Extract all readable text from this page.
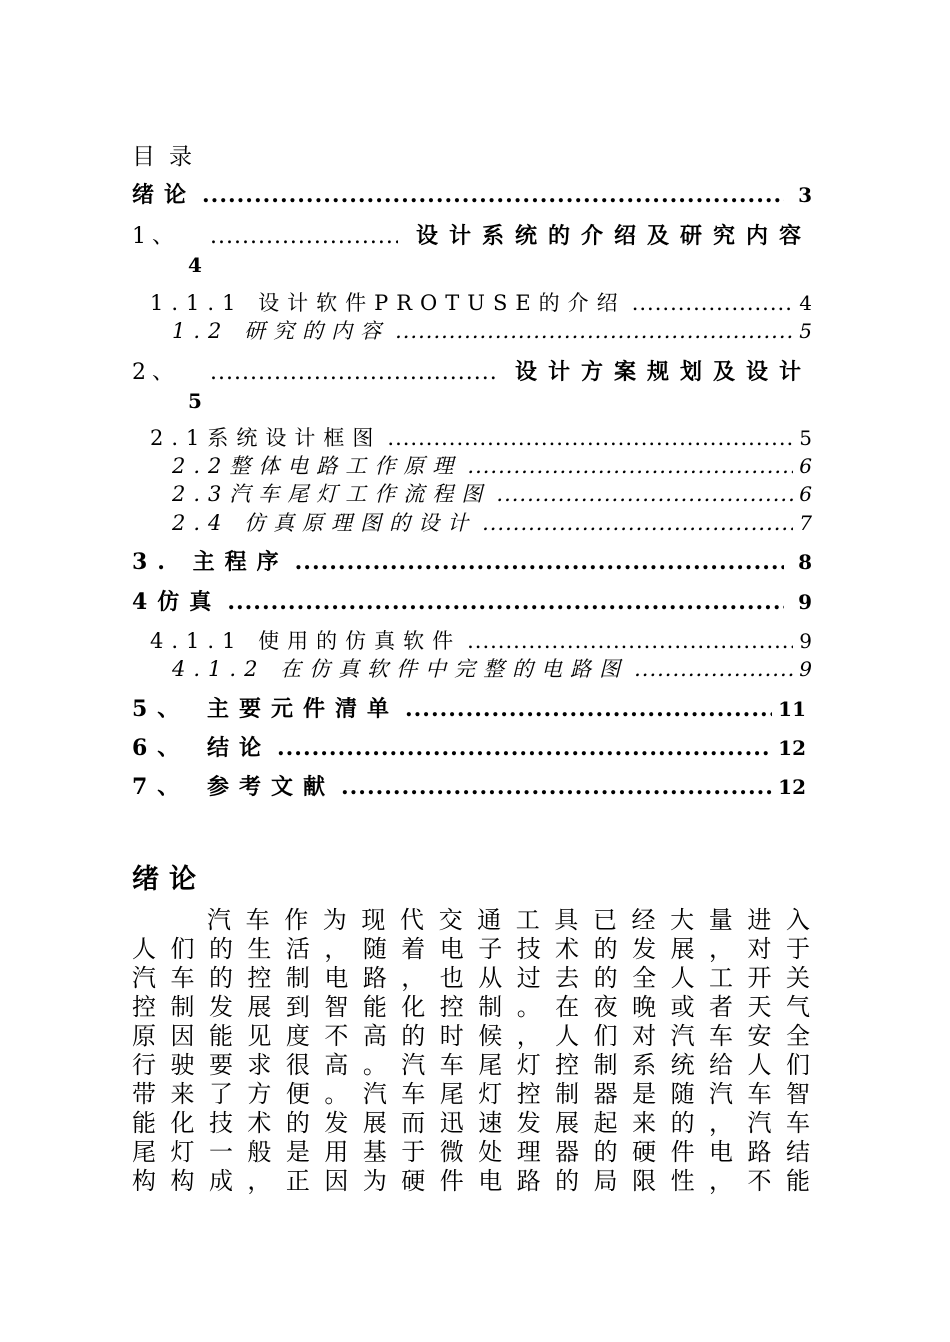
目录
绪论 .....	3
1、 .....	设计系统的介绍及研究内容
4
1.1.1 设计软件PROTUSE的介绍 .....	4
1.2 研究的内容 .....	5
2、 .....	设计方案规划及设计
5
2.1系统设计框图 .....	5
2.2整体电路工作原理 .....	6
2.3汽车尾灯工作流程图 .....	6
2.4 仿真原理图的设计 .....	7
3. 主程序 .....	8
4仿真 .....	9
4.1.1 使用的仿真软件 .....	9
4.1.2 在仿真软件中完整的电路图 .....	9
5、 主要元件清单 .....	11
6、 结论 .....	12
7、 参考文献 .....	12
绪论
汽 车 作 为 现 代 交 通 工 具 已 经 大 量 进 入
人 们 的 生 活 ， 随 着 电 子 技 术 的 发 展 ， 对 于
汽 车 的 控 制 电 路 ， 也 从 过 去 的 全 人 工 开 关
控 制 发 展 到 智 能 化 控 制 。 在 夜 晚 或 者 天 气
原 因 能 见 度 不 高 的 时 候 ， 人 们 对 汽 车 安 全
行 驶 要 求 很 高 。 汽 车 尾 灯 控 制 系 统 给 人 们
带 来 了 方 便 。 汽 车 尾 灯 控 制 器 是 随 汽 车 智
能 化 技 术 的 发 展 而 迅 速 发 展 起 来 的 ， 汽 车
尾 灯 一 般 是 用 基 于 微 处 理 器 的 硬 件 电 路 结
构 构 成 ， 正 因 为 硬 件 电 路 的 局 限 性 ， 不 能
